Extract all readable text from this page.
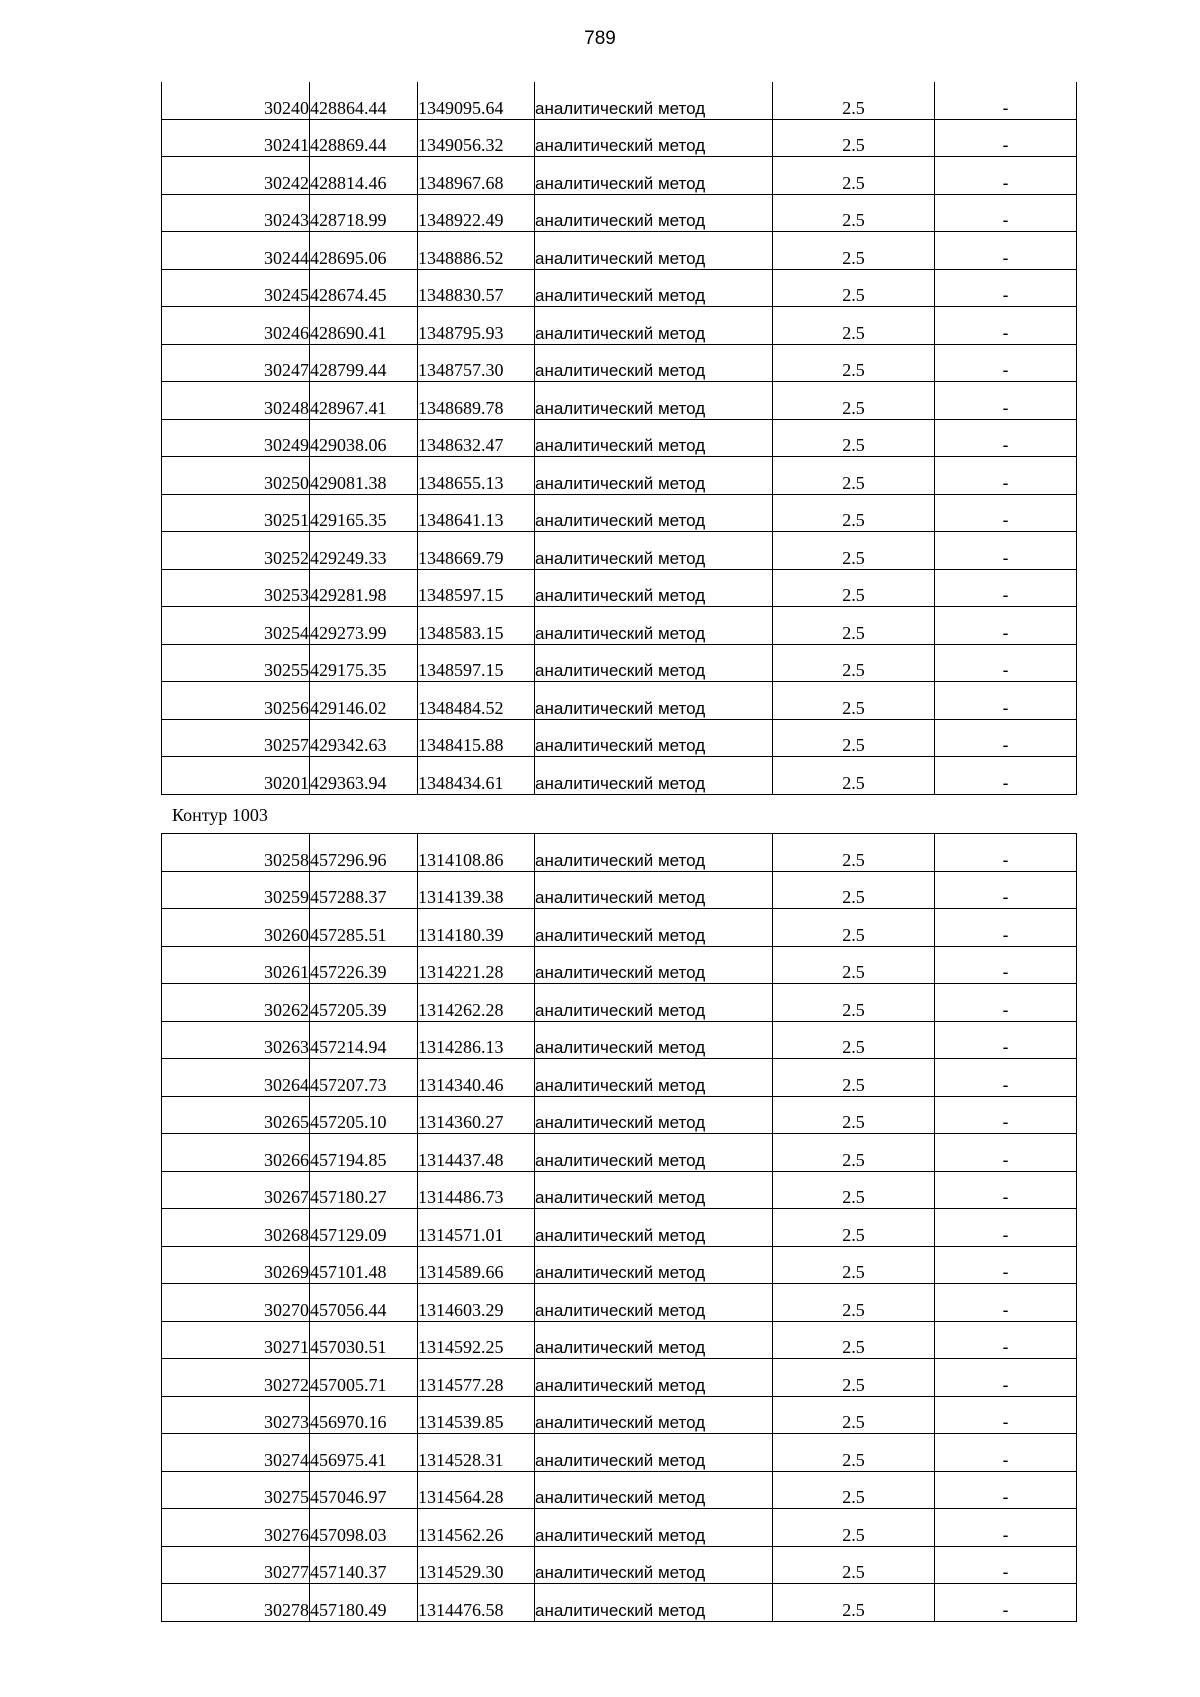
789
30240	428864.44	1349095.64	аналитический метод	2.5	-
30241	428869.44	1349056.32	аналитический метод	2.5	-
30242	428814.46	1348967.68	аналитический метод	2.5	-
30243	428718.99	1348922.49	аналитический метод	2.5	-
30244	428695.06	1348886.52	аналитический метод	2.5	-
30245	428674.45	1348830.57	аналитический метод	2.5	-
30246	428690.41	1348795.93	аналитический метод	2.5	-
30247	428799.44	1348757.30	аналитический метод	2.5	-
30248	428967.41	1348689.78	аналитический метод	2.5	-
30249	429038.06	1348632.47	аналитический метод	2.5	-
30250	429081.38	1348655.13	аналитический метод	2.5	-
30251	429165.35	1348641.13	аналитический метод	2.5	-
30252	429249.33	1348669.79	аналитический метод	2.5	-
30253	429281.98	1348597.15	аналитический метод	2.5	-
30254	429273.99	1348583.15	аналитический метод	2.5	-
30255	429175.35	1348597.15	аналитический метод	2.5	-
30256	429146.02	1348484.52	аналитический метод	2.5	-
30257	429342.63	1348415.88	аналитический метод	2.5	-
30201	429363.94	1348434.61	аналитический метод	2.5	-
Контур 1003
30258	457296.96	1314108.86	аналитический метод	2.5	-
30259	457288.37	1314139.38	аналитический метод	2.5	-
30260	457285.51	1314180.39	аналитический метод	2.5	-
30261	457226.39	1314221.28	аналитический метод	2.5	-
30262	457205.39	1314262.28	аналитический метод	2.5	-
30263	457214.94	1314286.13	аналитический метод	2.5	-
30264	457207.73	1314340.46	аналитический метод	2.5	-
30265	457205.10	1314360.27	аналитический метод	2.5	-
30266	457194.85	1314437.48	аналитический метод	2.5	-
30267	457180.27	1314486.73	аналитический метод	2.5	-
30268	457129.09	1314571.01	аналитический метод	2.5	-
30269	457101.48	1314589.66	аналитический метод	2.5	-
30270	457056.44	1314603.29	аналитический метод	2.5	-
30271	457030.51	1314592.25	аналитический метод	2.5	-
30272	457005.71	1314577.28	аналитический метод	2.5	-
30273	456970.16	1314539.85	аналитический метод	2.5	-
30274	456975.41	1314528.31	аналитический метод	2.5	-
30275	457046.97	1314564.28	аналитический метод	2.5	-
30276	457098.03	1314562.26	аналитический метод	2.5	-
30277	457140.37	1314529.30	аналитический метод	2.5	-
30278	457180.49	1314476.58	аналитический метод	2.5	-
